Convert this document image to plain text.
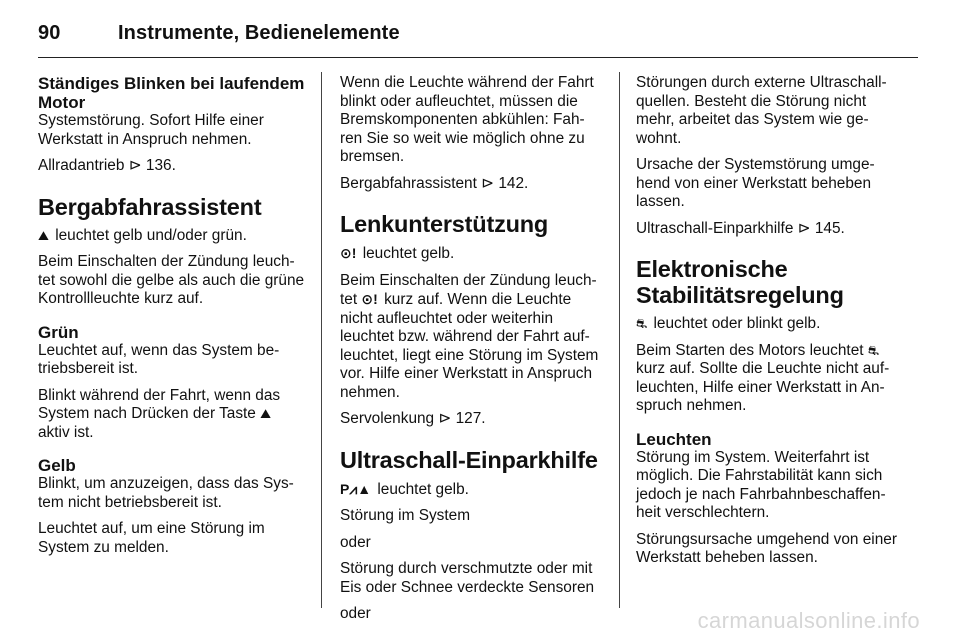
90	Instrumente, Bedienelemente
Ständiges Blinken bei laufendem Motor

Systemstörung. Sofort Hilfe einer Werkstatt in Anspruch nehmen.

Allradantrieb ⊳ 136.

Bergabfahrassistent

⛰ leuchtet gelb und/oder grün.

Beim Einschalten der Zündung leuch-tet sowohl die gelbe als auch die grüne Kontrollleuchte kurz auf.

Grün

Leuchtet auf, wenn das System be-triebsbereit ist.

Blinkt während der Fahrt, wenn das System nach Drücken der Taste ⛰ aktiv ist.

Gelb

Blinkt, um anzuzeigen, dass das Sys-tem nicht betriebsbereit ist.

Leuchtet auf, um eine Störung im System zu melden.

Wenn die Leuchte während der Fahrt blinkt oder aufleuchtet, müssen die Bremskomponenten abkühlen: Fah-ren Sie so weit wie möglich ohne zu bremsen.

Bergabfahrassistent ⊳ 142.

Lenkunterstützung

⊙! leuchtet gelb.

Beim Einschalten der Zündung leuch-tet ⊙! kurz auf. Wenn die Leuchte nicht aufleuchtet oder weiterhin leuchtet bzw. während der Fahrt auf-leuchtet, liegt eine Störung im System vor. Hilfe einer Werkstatt in Anspruch nehmen.

Servolenkung ⊳ 127.

Ultraschall-Einparkhilfe

P⩘▲ leuchtet gelb.

Störung im System

oder

Störung durch verschmutzte oder mit Eis oder Schnee verdeckte Sensoren

oder

Störungen durch externe Ultraschall-quellen. Besteht die Störung nicht mehr, arbeitet das System wie ge-wohnt.

Ursache der Systemstörung umge-hend von einer Werkstatt beheben lassen.

Ultraschall-Einparkhilfe ⊳ 145.

Elektronische Stabilitätsregelung

⛐ leuchtet oder blinkt gelb.

Beim Starten des Motors leuchtet ⛐ kurz auf. Sollte die Leuchte nicht auf-leuchten, Hilfe einer Werkstatt in An-spruch nehmen.

Leuchten

Störung im System. Weiterfahrt ist möglich. Die Fahrstabilität kann sich jedoch je nach Fahrbahnbeschaffen-heit verschlechtern.

Störungsursache umgehend von einer Werkstatt beheben lassen.

carmanualsonline.info
